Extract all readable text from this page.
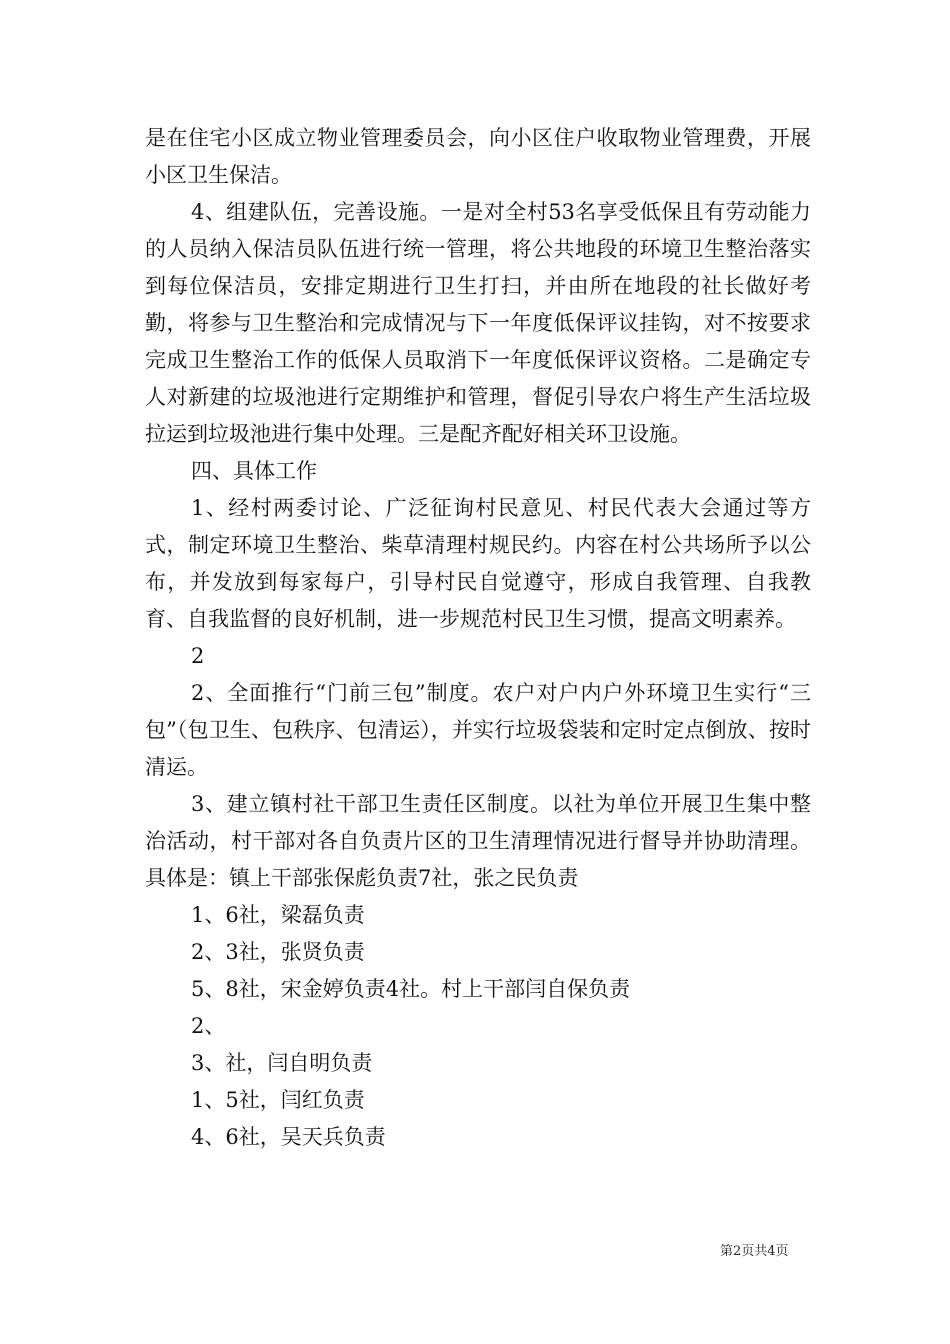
是在住宅小区成立物业管理委员会，向小区住户收取物业管理费，开展小区卫生保洁。

4、组建队伍，完善设施。一是对全村53名享受低保且有劳动能力的人员纳入保洁员队伍进行统一管理，将公共地段的环境卫生整治落实到每位保洁员，安排定期进行卫生打扫，并由所在地段的社长做好考勤，将参与卫生整治和完成情况与下一年度低保评议挂钩，对不按要求完成卫生整治工作的低保人员取消下一年度低保评议资格。二是确定专人对新建的垃圾池进行定期维护和管理，督促引导农户将生产生活垃圾拉运到垃圾池进行集中处理。三是配齐配好相关环卫设施。

四、具体工作

1、经村两委讨论、广泛征询村民意见、村民代表大会通过等方式，制定环境卫生整治、柴草清理村规民约。内容在村公共场所予以公布，并发放到每家每户，引导村民自觉遵守，形成自我管理、自我教育、自我监督的良好机制，进一步规范村民卫生习惯，提高文明素养。

2

2、全面推行“门前三包”制度。农户对户内户外环境卫生实行“三包”（包卫生、包秩序、包清运），并实行垃圾袋装和定时定点倒放、按时清运。

3、建立镇村社干部卫生责任区制度。以社为单位开展卫生集中整治活动，村干部对各自负责片区的卫生清理情况进行督导并协助清理。具体是：镇上干部张保彪负责7社，张之民负责

1、6社，梁磊负责

2、3社，张贤负责

5、8社，宋金婷负责4社。村上干部闫自保负责

2、

3、社，闫自明负责

1、5社，闫红负责

4、6社，吴天兵负责

第2页共4页
